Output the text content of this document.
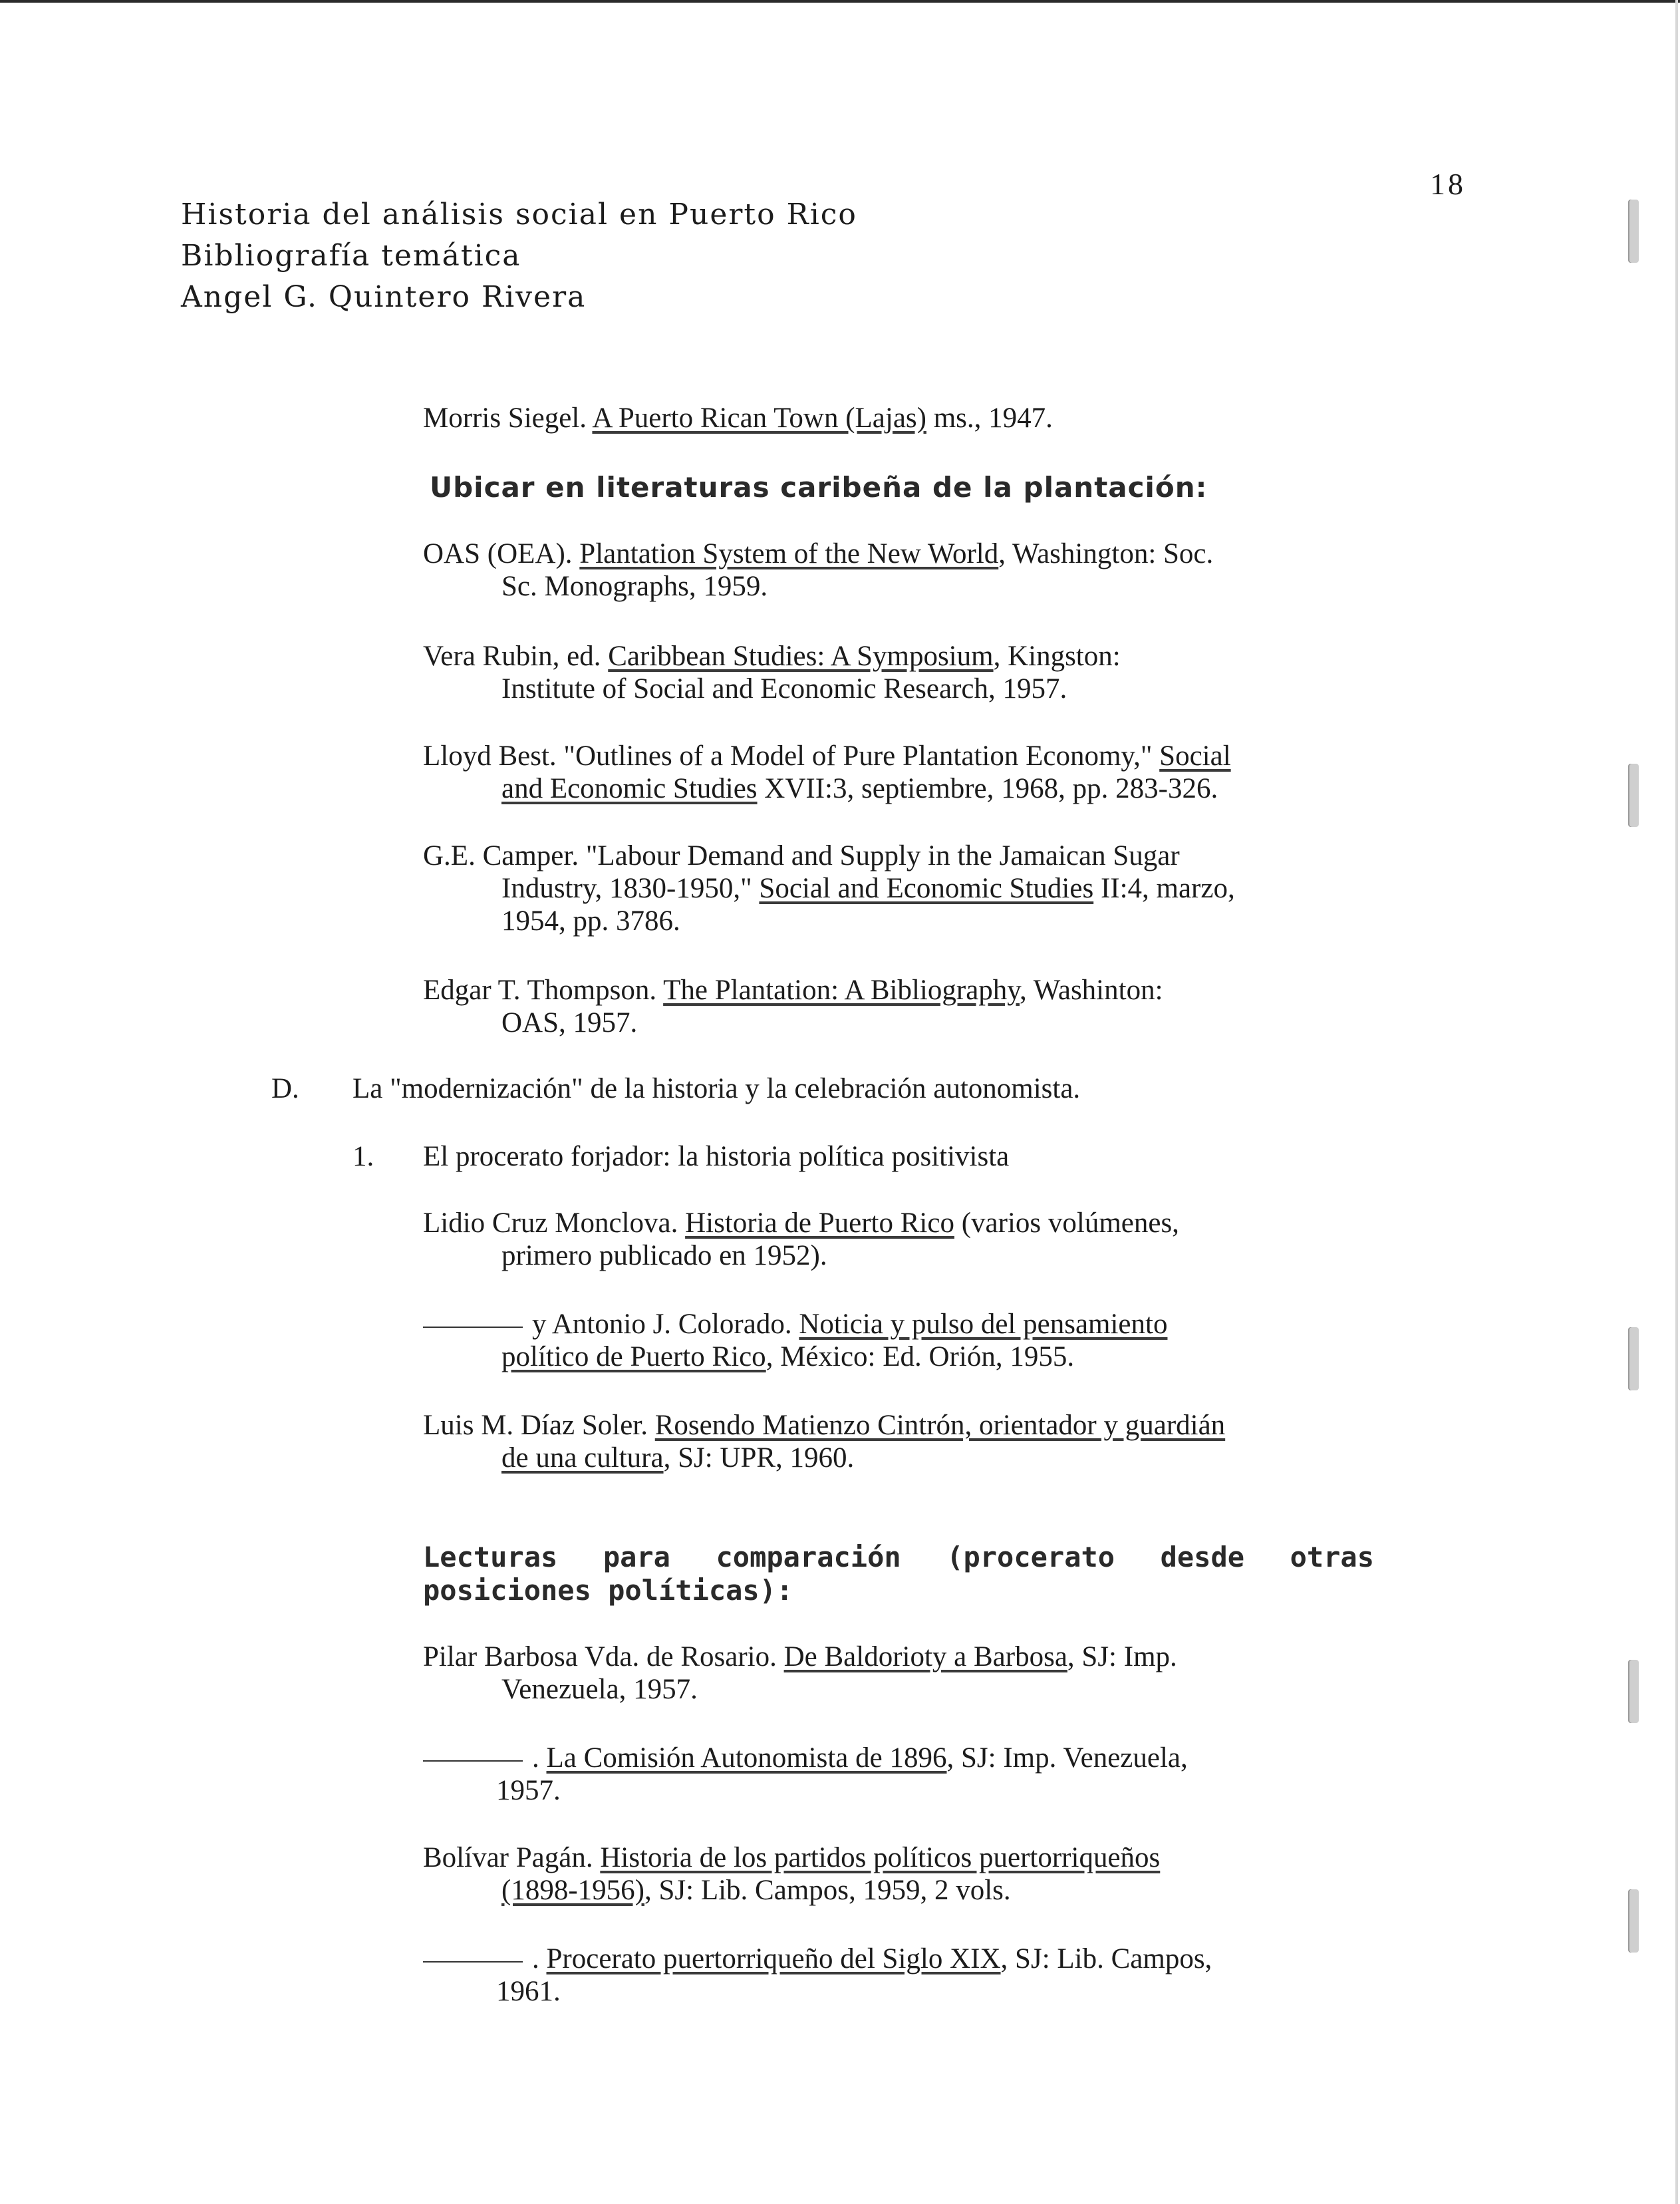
18
Historia del análisis social en Puerto Rico
Bibliografía temática
Angel G. Quintero Rivera
Morris Siegel. A Puerto Rican Town (Lajas) ms., 1947.
Ubicar en literaturas caribeña de la plantación:
OAS (OEA). Plantation System of the New World, Washington: Soc.
Sc. Monographs, 1959.
Vera Rubin, ed. Caribbean Studies: A Symposium, Kingston:
Institute of Social and Economic Research, 1957.
Lloyd Best. "Outlines of a Model of Pure Plantation Economy," Social
and Economic Studies XVII:3, septiembre, 1968, pp. 283-326.
G.E. Camper. "Labour Demand and Supply in the Jamaican Sugar
Industry, 1830-1950," Social and Economic Studies II:4, marzo,
1954, pp. 3786.
Edgar T. Thompson. The Plantation: A Bibliography, Washinton:
OAS, 1957.
D. La "modernización" de la historia y la celebración autonomista.
1. El procerato forjador: la historia política positivista
Lidio Cruz Monclova. Historia de Puerto Rico (varios volúmenes,
primero publicado en 1952).
y Antonio J. Colorado. Noticia y pulso del pensamiento
político de Puerto Rico, México: Ed. Orión, 1955.
Luis M. Díaz Soler. Rosendo Matienzo Cintrón, orientador y guardián
de una cultura, SJ: UPR, 1960.
Lecturas para comparación (procerato desde otras posiciones políticas):
Pilar Barbosa Vda. de Rosario. De Baldorioty a Barbosa, SJ: Imp.
Venezuela, 1957.
. La Comisión Autonomista de 1896, SJ: Imp. Venezuela,
1957.
Bolívar Pagán. Historia de los partidos políticos puertorriqueños
(1898-1956), SJ: Lib. Campos, 1959, 2 vols.
. Procerato puertorriqueño del Siglo XIX, SJ: Lib. Campos,
1961.
